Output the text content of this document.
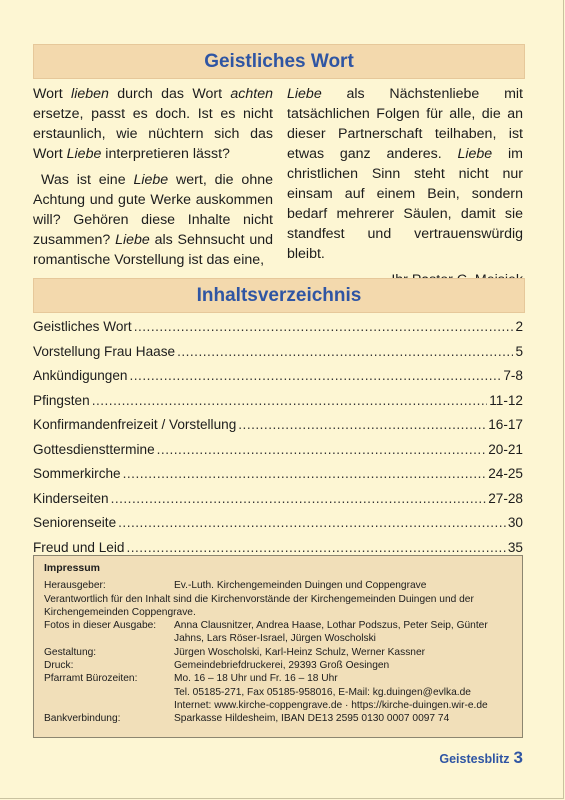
Geistliches Wort

Wort lieben durch das Wort achten ersetze, passt es doch. Ist es nicht erstaunlich, wie nüchtern sich das Wort Liebe interpretieren lässt?

Was ist eine Liebe wert, die ohne Achtung und gute Werke auskommen will? Gehören diese Inhalte nicht zusammen? Liebe als Sehnsucht und romantische Vorstellung ist das eine,

Liebe als Nächstenliebe mit tatsächlichen Folgen für alle, die an dieser Partnerschaft teilhaben, ist etwas ganz anderes. Liebe im christlichen Sinn steht nicht nur einsam auf einem Bein, sondern bedarf mehrerer Säulen, damit sie standfest und vertrauenswürdig bleibt.

Inhaltsverzeichnis
Geistliches Wort .....	2
Vorstellung Frau Haase .....	5
Ankündigungen .....	7-8
Pfingsten .....	11-12
Konfirmandenfreizeit / Vorstellung .....	16-17
Gottesdiensttermine .....	20-21
Sommerkirche .....	24-25
Kinderseiten .....	27-28
Seniorenseite .....	30
Freud und Leid .....	35
Impressum
Herausgeber:	Ev.-Luth. Kirchengemeinden Duingen und Coppengrave
Verantwortlich für den Inhalt sind die Kirchenvorstände der Kirchengemeinden Duingen und der Kirchengemeinden Coppengrave.
Fotos in dieser Ausgabe:	Anna Clausnitzer, Andrea Haase, Lothar Podszus, Peter Seip, Günter Jahns, Lars Röser-Israel, Jürgen Woscholski
Gestaltung:	Jürgen Woscholski, Karl-Heinz Schulz, Werner Kassner
Druck:	Gemeindebriefdruckerei, 29393 Groß Oesingen
Pfarramt Bürozeiten:	Mo. 16 – 18 Uhr und Fr. 16 – 18 Uhr
Tel. 05185-271, Fax 05185-958016, E-Mail: kg.duingen@evlka.de
Internet: www.kirche-coppengrave.de · https://kirche-duingen.wir-e.de
Bankverbindung:	Sparkasse Hildesheim, IBAN DE13 2595 0130 0007 0097 74
Geistesblitz 3
